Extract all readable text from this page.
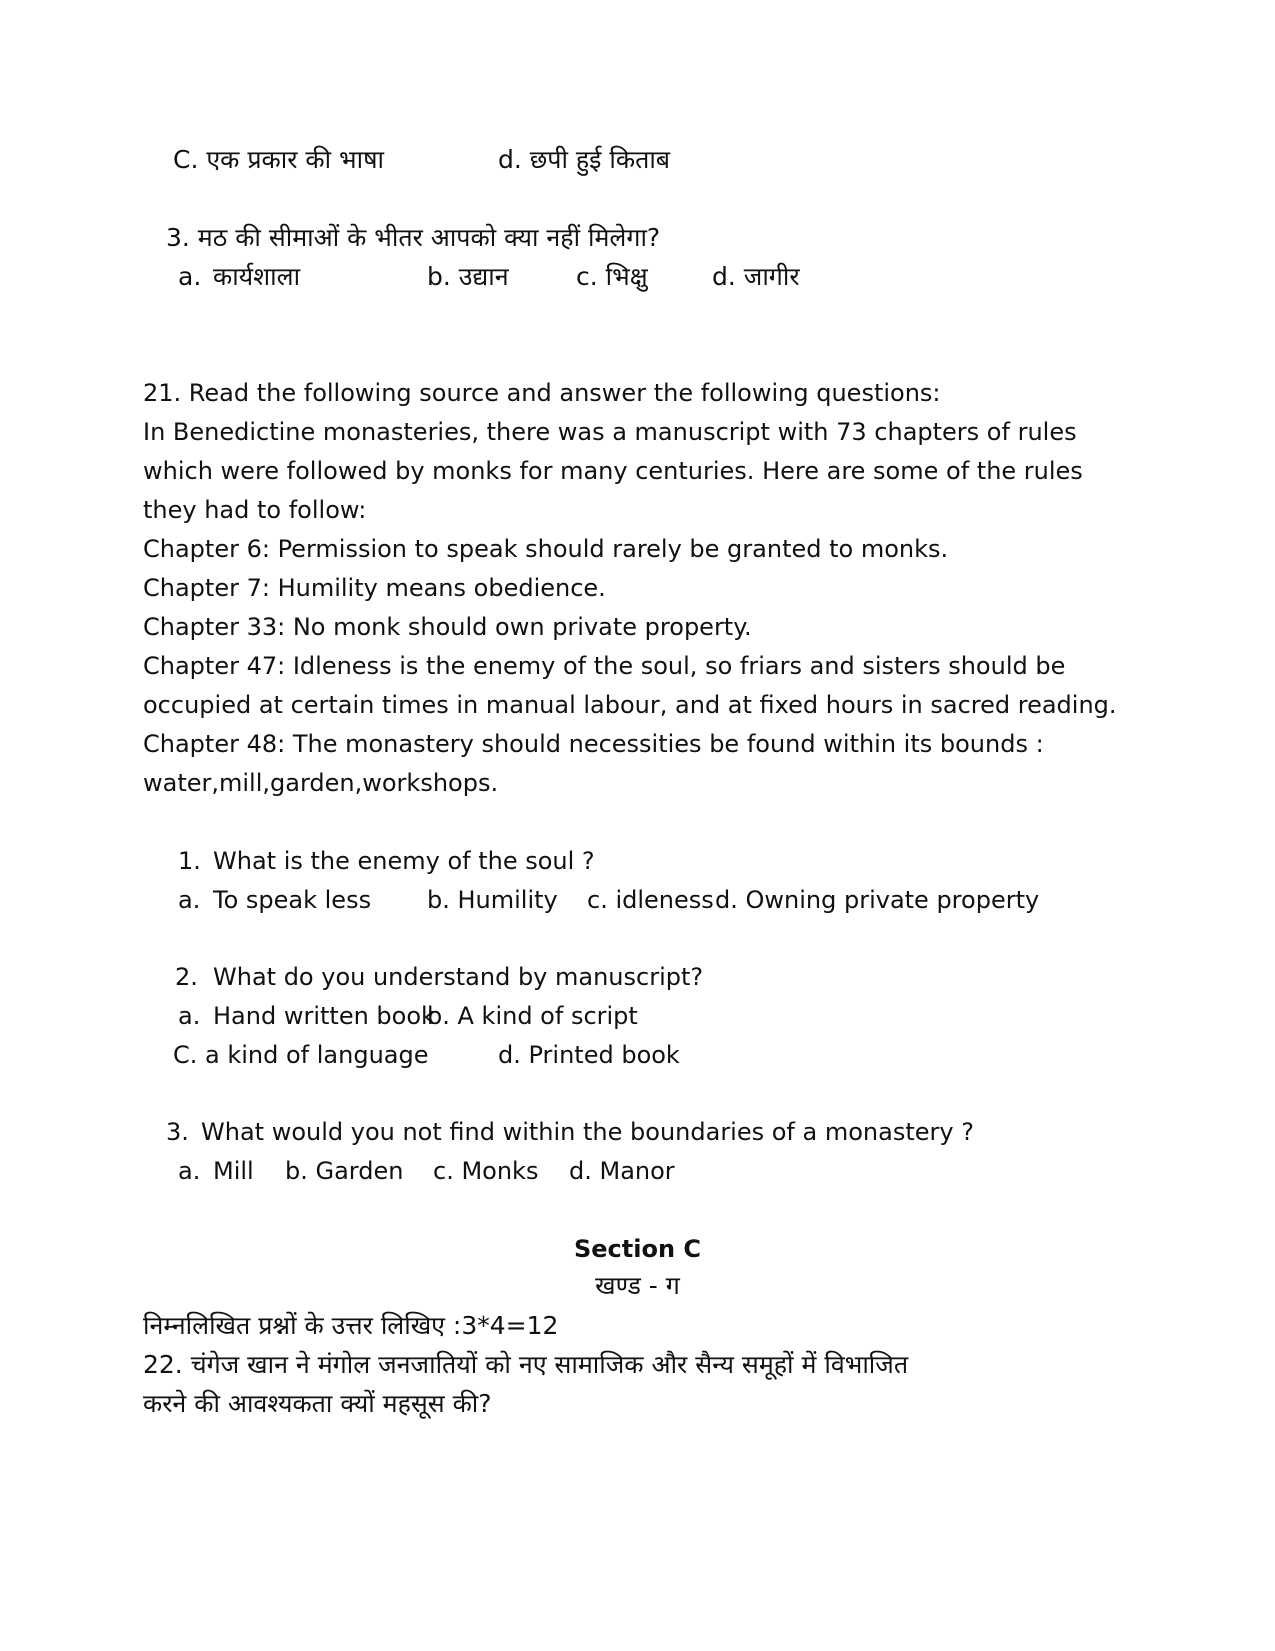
C. एक प्रकार की भाषा	d. छपी हुई किताब
3. मठ की सीमाओं के भीतर आपको क्या नहीं मिलेगा?
a. कार्यशाला	b. उद्यान	c. भिक्षु	d. जागीर
21. Read the following source and answer the following questions:
In Benedictine monasteries, there was a manuscript with 73 chapters of rules
which were followed by monks for many centuries. Here are some of the rules
they had to follow:
Chapter 6: Permission to speak should rarely be granted to monks.
Chapter 7: Humility means obedience.
Chapter 33: No monk should own private property.
Chapter 47: Idleness is the enemy of the soul, so friars and sisters should be
occupied at certain times in manual labour, and at fixed hours in sacred reading.
Chapter 48: The monastery should necessities be found within its bounds :
water,mill,garden,workshops.
1. What is the enemy of the soul ?
a. To speak less b. Humility c. idleness d. Owning private property
2. What do you understand by manuscript?
a. Hand written book
b. A kind of script
C. a kind of language	d. Printed book
3. What would you not find within the boundaries of a monastery ?
a. Mill b. Garden c. Monks d. Manor
Section C
खण्ड - ग
निम्नलिखित प्रश्नों के उत्तर लिखिए :3*4=12
22. चंगेज खान ने मंगोल जनजातियों को नए सामाजिक और सैन्य समूहों में विभाजित
करने की आवश्यकता क्यों महसूस की?
